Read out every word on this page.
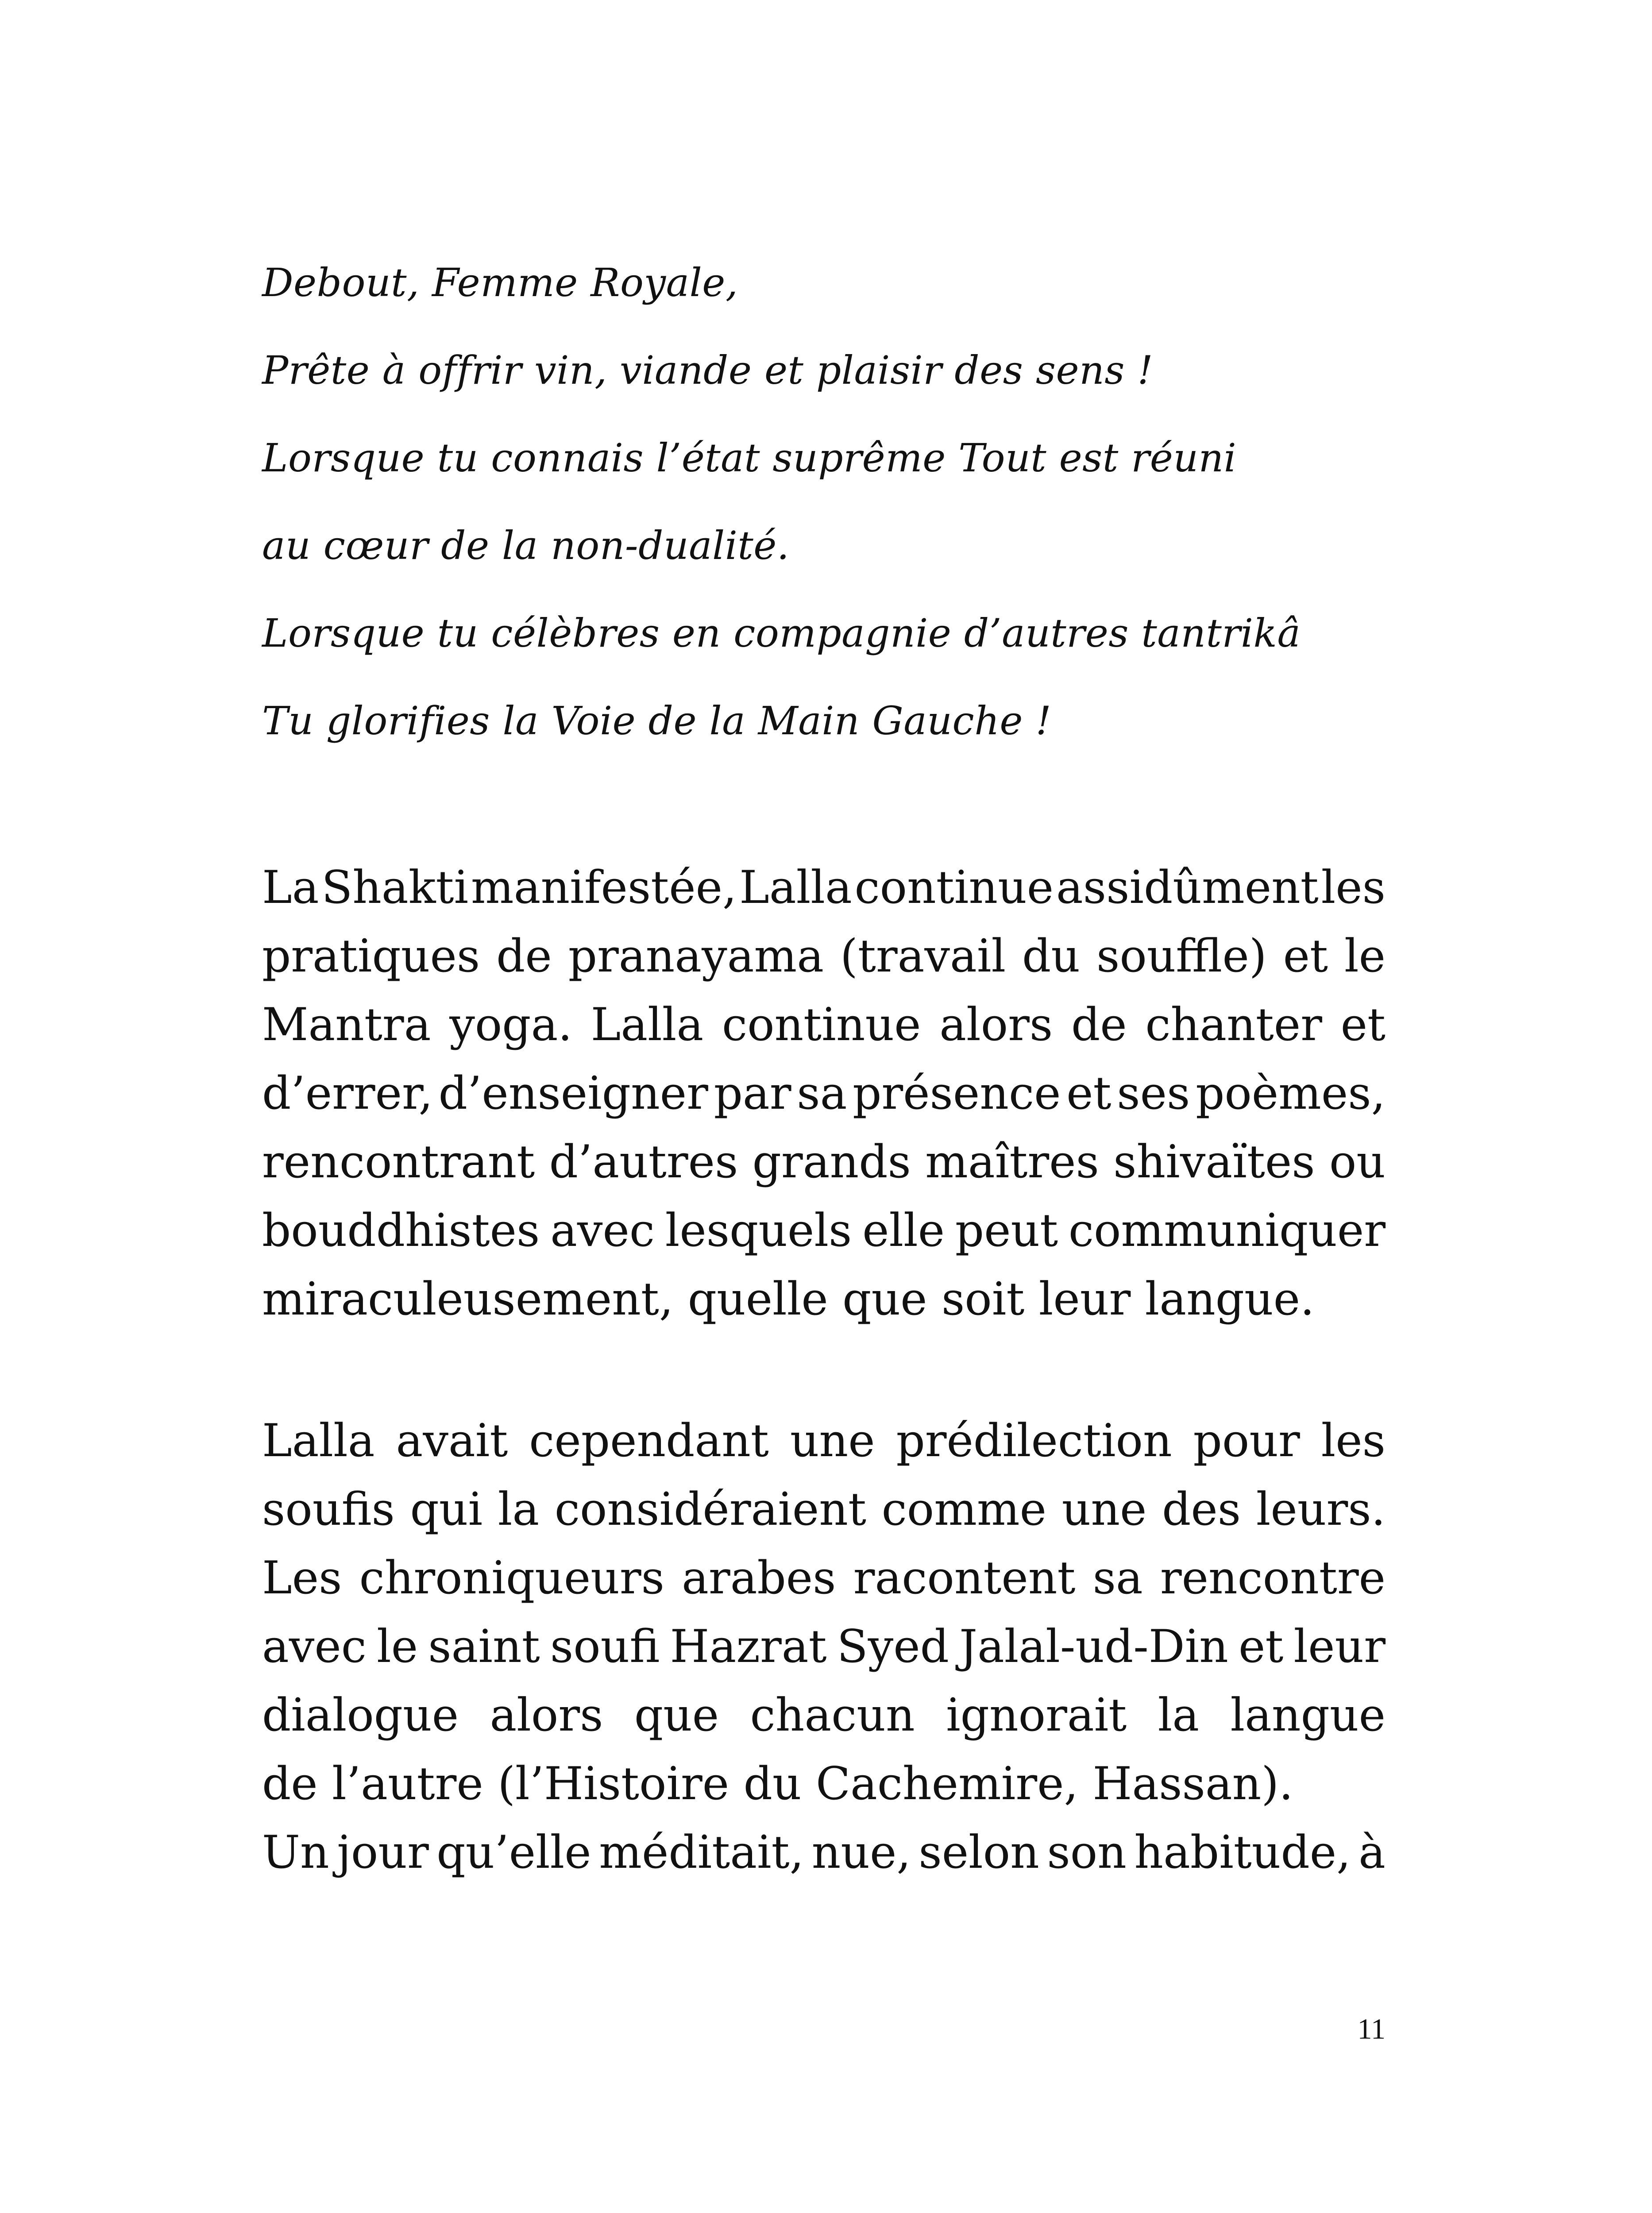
Debout, Femme Royale,
Prête à offrir vin, viande et plaisir des sens !
Lorsque tu connais l’état suprême Tout est réuni
au cœur de la non-dualité.
Lorsque tu célèbres en compagnie d’autres tantrikâ
Tu glorifies la Voie de la Main Gauche !
La Shakti manifestée, Lalla continue assidûment les
pratiques de pranayama (travail du souffle) et le
Mantra yoga. Lalla continue alors de chanter et
d’errer, d’enseigner par sa présence et ses poèmes,
rencontrant d’autres grands maîtres shivaïtes ou
bouddhistes avec lesquels elle peut communiquer
miraculeusement,
quelle
que
soit
leur
langue.
Lalla avait cependant une prédilection pour les
soufis qui la considéraient comme une des leurs.
Les chroniqueurs arabes racontent sa rencontre
avec le saint soufi Hazrat Syed Jalal-ud-Din et leur
dialogue alors que chacun ignorait la langue
de
l’autre
(l’Histoire
du
Cachemire,
Hassan).
Un jour qu’elle méditait, nue, selon son habitude, à
11
